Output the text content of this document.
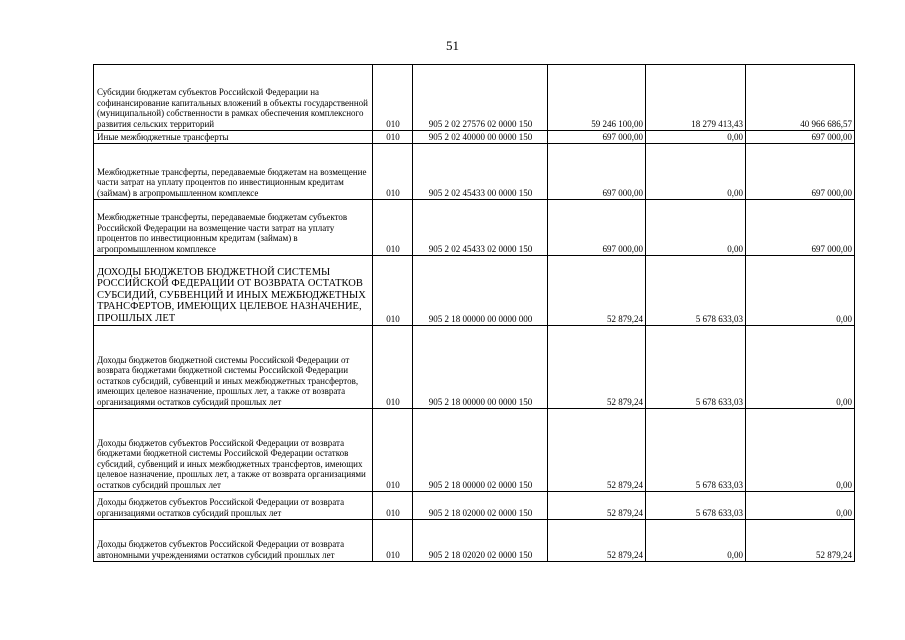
51
Субсидии бюджетам субъектов Российской Федерации на софинансирование капитальных вложений в объекты государственной (муниципальной) собственности в рамках обеспечения комплексного развития сельских территорий	010	905 2 02 27576 02 0000 150	59 246 100,00	18 279 413,43	40 966 686,57
Иные межбюджетные трансферты	010	905 2 02 40000 00 0000 150	697 000,00	0,00	697 000,00
Межбюджетные трансферты, передаваемые бюджетам на возмещение части затрат на уплату процентов по инвестиционным кредитам (займам) в агропромышленном комплексе	010	905 2 02 45433 00 0000 150	697 000,00	0,00	697 000,00
Межбюджетные трансферты, передаваемые бюджетам субъектов Российской Федерации на возмещение части затрат на уплату процентов по инвестиционным кредитам (займам) в агропромышленном комплексе	010	905 2 02 45433 02 0000 150	697 000,00	0,00	697 000,00
ДОХОДЫ БЮДЖЕТОВ БЮДЖЕТНОЙ СИСТЕМЫ РОССИЙСКОЙ ФЕДЕРАЦИИ ОТ ВОЗВРАТА ОСТАТКОВ СУБСИДИЙ, СУБВЕНЦИЙ И ИНЫХ МЕЖБЮДЖЕТНЫХ ТРАНСФЕРТОВ, ИМЕЮЩИХ ЦЕЛЕВОЕ НАЗНАЧЕНИЕ, ПРОШЛЫХ ЛЕТ	010	905 2 18 00000 00 0000 000	52 879,24	5 678 633,03	0,00
Доходы бюджетов бюджетной системы Российской Федерации от возврата бюджетами бюджетной системы Российской Федерации остатков субсидий, субвенций и иных межбюджетных трансфертов, имеющих целевое назначение, прошлых лет, а также от возврата организациями остатков субсидий прошлых лет	010	905 2 18 00000 00 0000 150	52 879,24	5 678 633,03	0,00
Доходы бюджетов субъектов Российской Федерации от возврата бюджетами бюджетной системы Российской Федерации остатков субсидий, субвенций и иных межбюджетных трансфертов, имеющих целевое назначение, прошлых лет, а также от возврата организациями остатков субсидий прошлых лет	010	905 2 18 00000 02 0000 150	52 879,24	5 678 633,03	0,00
Доходы бюджетов субъектов Российской Федерации от возврата организациями остатков субсидий прошлых лет	010	905 2 18 02000 02 0000 150	52 879,24	5 678 633,03	0,00
Доходы бюджетов субъектов Российской Федерации от возврата автономными учреждениями остатков субсидий прошлых лет	010	905 2 18 02020 02 0000 150	52 879,24	0,00	52 879,24
